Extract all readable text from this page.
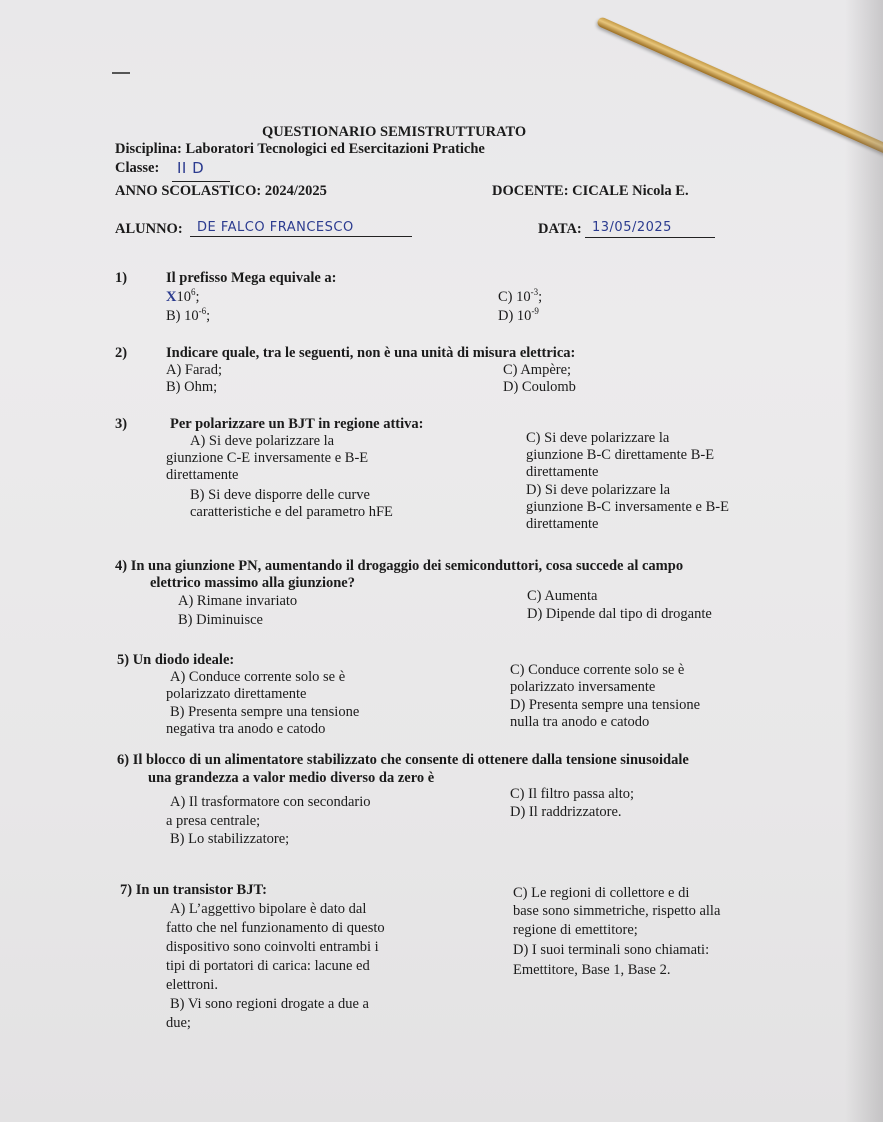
QUESTIONARIO SEMISTRUTTURATO
Disciplina: Laboratori Tecnologici ed Esercitazioni Pratiche
Classe: II D
ANNO SCOLASTICO: 2024/2025	DOCENTE: CICALE Nicola E.
ALUNNO: DE FALCO FRANCESCO	DATA: 13/05/2025
1)	Il prefisso Mega equivale a:
$X10^6$;
B) $10^{-6}$;
C) $10^{-3}$;
D) $10^{-9}$
2)	Indicare quale, tra le seguenti, non è una unità di misura elettrica:
A) Farad;
B) Ohm;
C) Ampère;
D) Coulomb
3)	Per polarizzare un BJT in regione attiva:
A) Si deve polarizzare la
giunzione C-E inversamente e B-E
direttamente
B) Si deve disporre delle curve
caratteristiche e del parametro hFE
C) Si deve polarizzare la
giunzione B-C direttamente B-E
direttamente
D) Si deve polarizzare la
giunzione B-C inversamente e B-E
direttamente
4) In una giunzione PN, aumentando il drogaggio dei semiconduttori, cosa succede al campo
elettrico massimo alla giunzione?
A) Rimane invariato
B) Diminuisce
C) Aumenta
D) Dipende dal tipo di drogante
5) Un diodo ideale:
A) Conduce corrente solo se è
polarizzato direttamente
B) Presenta sempre una tensione
negativa tra anodo e catodo
C) Conduce corrente solo se è
polarizzato inversamente
D) Presenta sempre una tensione
nulla tra anodo e catodo
6) Il blocco di un alimentatore stabilizzato che consente di ottenere dalla tensione sinusoidale
una grandezza a valor medio diverso da zero è
A) Il trasformatore con secondario
a presa centrale;
B) Lo stabilizzatore;
C) Il filtro passa alto;
D) Il raddrizzatore.
7) In un transistor BJT:
A) L’aggettivo bipolare è dato dal
fatto che nel funzionamento di questo
dispositivo sono coinvolti entrambi i
tipi di portatori di carica: lacune ed
elettroni.
B) Vi sono regioni drogate a due a
due;
C) Le regioni di collettore e di
base sono simmetriche, rispetto alla
regione di emettitore;
D) I suoi terminali sono chiamati:
Emettitore, Base 1, Base 2.
